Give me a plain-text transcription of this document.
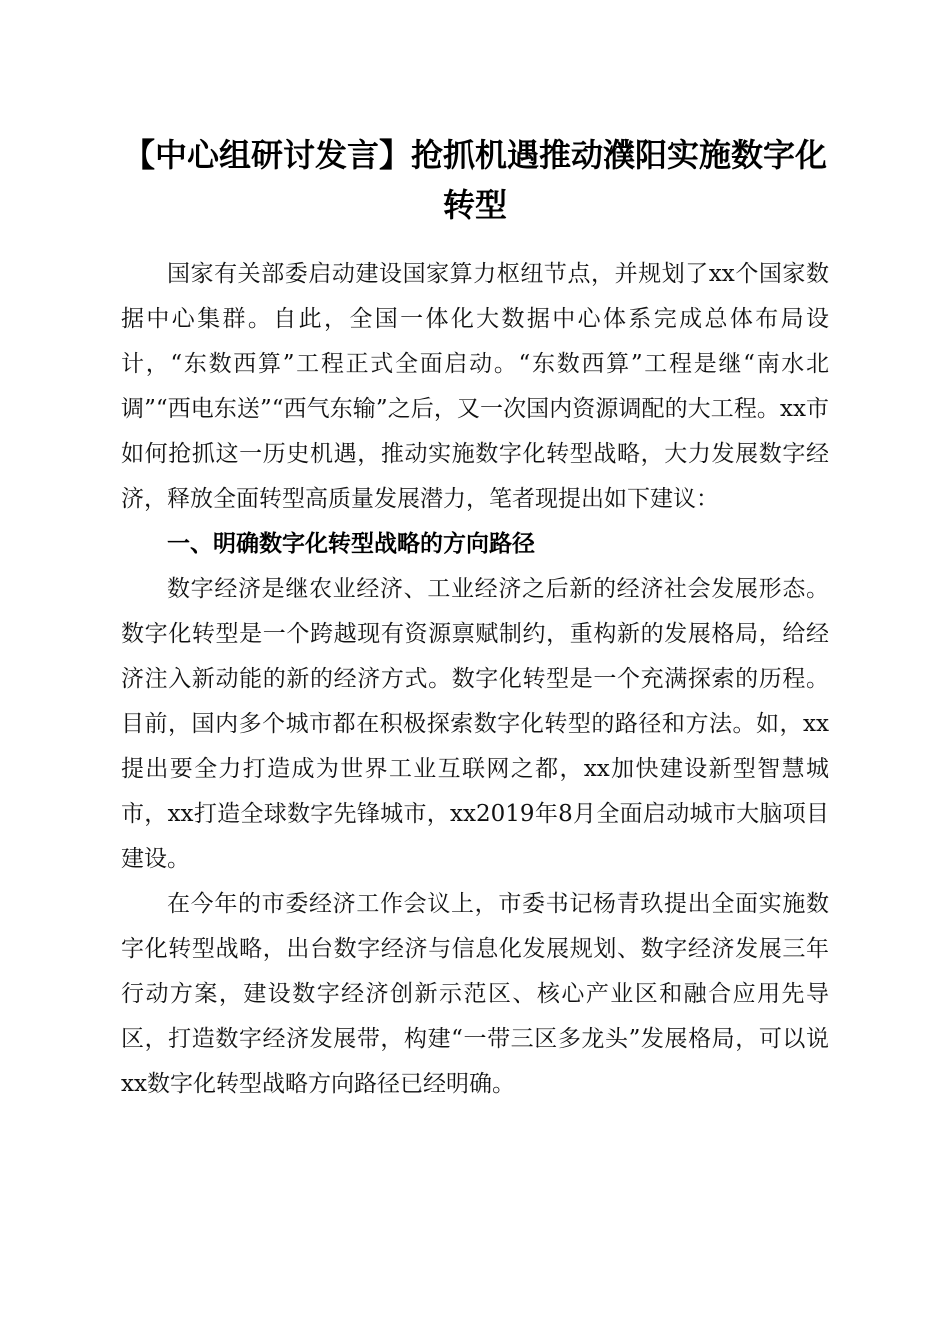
【中心组研讨发言】抢抓机遇推动濮阳实施数字化转型

国家有关部委启动建设国家算力枢纽节点，并规划了xx个国家数据中心集群。自此，全国一体化大数据中心体系完成总体布局设计，“东数西算”工程正式全面启动。“东数西算”工程是继“南水北调”“西电东送”“西气东输”之后，又一次国内资源调配的大工程。xx市如何抢抓这一历史机遇，推动实施数字化转型战略，大力发展数字经济，释放全面转型高质量发展潜力，笔者现提出如下建议：

一、明确数字化转型战略的方向路径

数字经济是继农业经济、工业经济之后新的经济社会发展形态。数字化转型是一个跨越现有资源禀赋制约，重构新的发展格局，给经济注入新动能的新的经济方式。数字化转型是一个充满探索的历程。目前，国内多个城市都在积极探索数字化转型的路径和方法。如，xx提出要全力打造成为世界工业互联网之都，xx加快建设新型智慧城市，xx打造全球数字先锋城市，xx2019年8月全面启动城市大脑项目建设。

在今年的市委经济工作会议上，市委书记杨青玖提出全面实施数字化转型战略，出台数字经济与信息化发展规划、数字经济发展三年行动方案，建设数字经济创新示范区、核心产业区和融合应用先导区，打造数字经济发展带，构建“一带三区多龙头”发展格局，可以说xx数字化转型战略方向路径已经明确。
